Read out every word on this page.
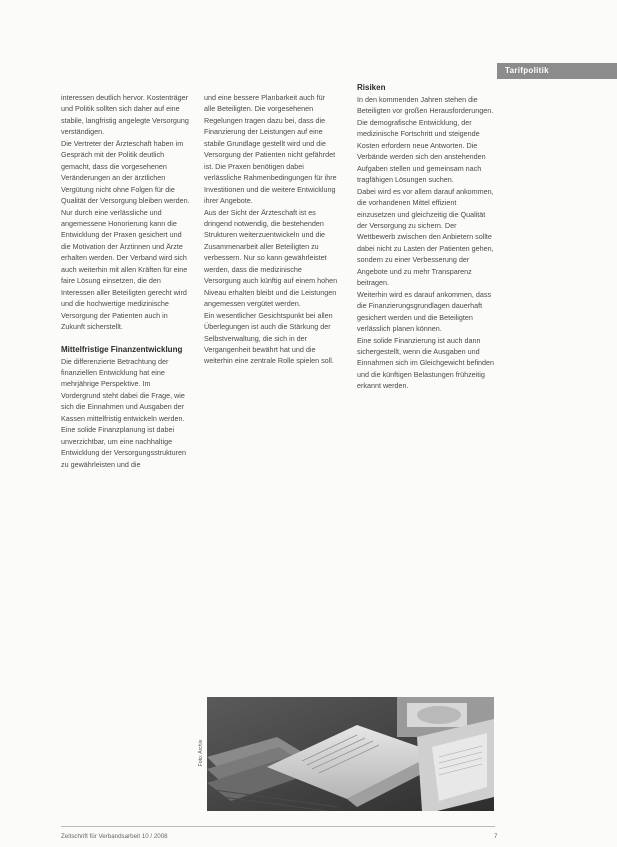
Tarifpolitik

interessen deutlich hervor. Kostenträger und Politik sollten sich daher auf eine stabile, langfristig angelegte Versorgung verständigen.

Die Vertreter der Ärzteschaft haben im Gespräch mit der Politik deutlich gemacht, dass die vorgesehenen Veränderungen an der ärztlichen Vergütung nicht ohne Folgen für die Qualität der Versorgung bleiben werden. Nur durch eine verlässliche und angemessene Honorierung kann die Entwicklung der Praxen gesichert und die Motivation der Ärztinnen und Ärzte erhalten werden. Der Verband wird sich auch weiterhin mit allen Kräften für eine faire Lösung einsetzen, die den Interessen aller Beteiligten gerecht wird und die hochwertige medizinische Versorgung der Patienten auch in Zukunft sicherstellt.

Mittelfristige Finanzentwicklung

Die differenzierte Betrachtung der finanziellen Entwicklung hat eine mehrjährige Perspektive. Im Vordergrund steht dabei die Frage, wie sich die Einnahmen und Ausgaben der Kassen mittelfristig entwickeln werden.

Eine solide Finanzplanung ist dabei unverzichtbar, um eine nachhaltige Entwicklung der Versorgungsstrukturen zu gewährleisten und die

und eine bessere Planbarkeit auch für alle Beteiligten. Die vorgesehenen Regelungen tragen dazu bei, dass die Finanzierung der Leistungen auf eine stabile Grundlage gestellt wird und die Versorgung der Patienten nicht gefährdet ist. Die Praxen benötigen dabei verlässliche Rahmenbedingungen für ihre Investitionen und die weitere Entwicklung ihrer Angebote.

Aus der Sicht der Ärzteschaft ist es dringend notwendig, die bestehenden Strukturen weiterzuentwickeln und die Zusammenarbeit aller Beteiligten zu verbessern. Nur so kann gewährleistet werden, dass die medizinische Versorgung auch künftig auf einem hohen Niveau erhalten bleibt und die Leistungen angemessen vergütet werden.

Ein wesentlicher Gesichtspunkt bei allen Überlegungen ist auch die Stärkung der Selbstverwaltung, die sich in der Vergangenheit bewährt hat und die weiterhin eine zentrale Rolle spielen soll.

Risiken

In den kommenden Jahren stehen die Beteiligten vor großen Herausforderungen. Die demografische Entwicklung, der medizinische Fortschritt und steigende Kosten erfordern neue Antworten. Die Verbände werden sich den anstehenden Aufgaben stellen und gemeinsam nach tragfähigen Lösungen suchen.

Dabei wird es vor allem darauf ankommen, die vorhandenen Mittel effizient einzusetzen und gleichzeitig die Qualität der Versorgung zu sichern. Der Wettbewerb zwischen den Anbietern sollte dabei nicht zu Lasten der Patienten gehen, sondern zu einer Verbesserung der Angebote und zu mehr Transparenz beitragen.

Weiterhin wird es darauf ankommen, dass die Finanzierungsgrundlagen dauerhaft gesichert werden und die Beteiligten verlässlich planen können.

Eine solide Finanzierung ist auch dann sichergestellt, wenn die Ausgaben und Einnahmen sich im Gleichgewicht befinden und die künftigen Belastungen frühzeitig erkannt werden.

Foto: Archiv
Zeitschrift für Verbandsarbeit 10 / 2008	7
